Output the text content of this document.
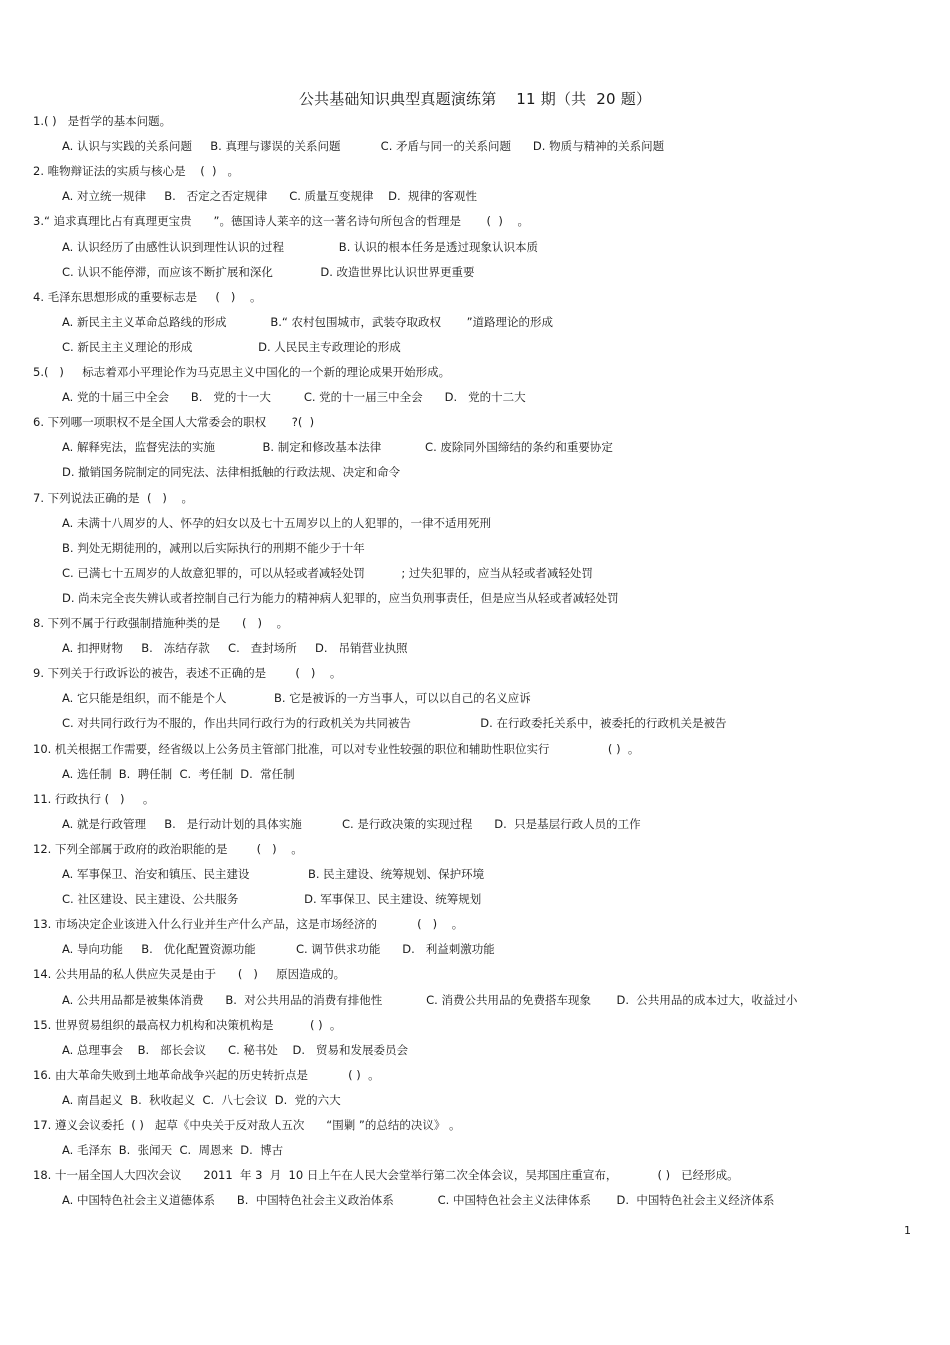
公共基础知识典型真题演练第    11 期（共  20 题）
1.( )   是哲学的基本问题。
A. 认识与实践的关系问题     B. 真理与谬误的关系问题           C. 矛盾与同一的关系问题      D. 物质与精神的关系问题
2. 唯物辩证法的实质与核心是    (  )   。
A. 对立统一规律     B.   否定之否定规律      C. 质量互变规律    D.  规律的客观性
3.“ 追求真理比占有真理更宝贵      ”。德国诗人莱辛的这一著名诗句所包含的哲理是       (  )    。
A. 认识经历了由感性认识到理性认识的过程               B. 认识的根本任务是透过现象认识本质
C. 认识不能停滞，而应该不断扩展和深化             D. 改造世界比认识世界更重要
4. 毛泽东思想形成的重要标志是     (   )    。
A. 新民主主义革命总路线的形成            B.“ 农村包围城市，武装夺取政权       ”道路理论的形成
C. 新民主主义理论的形成                  D. 人民民主专政理论的形成
5.(   )     标志着邓小平理论作为马克思主义中国化的一个新的理论成果开始形成。
A. 党的十届三中全会      B.   党的十一大         C. 党的十一届三中全会      D.   党的十二大
6. 下列哪一项职权不是全国人大常委会的职权       ?(  )
A. 解释宪法，监督宪法的实施             B. 制定和修改基本法律            C. 废除同外国缔结的条约和重要协定
D. 撤销国务院制定的同宪法、法律相抵触的行政法规、决定和命令
7. 下列说法正确的是  (   )    。
A. 未满十八周岁的人、怀孕的妇女以及七十五周岁以上的人犯罪的，一律不适用死刑
B. 判处无期徒刑的，减刑以后实际执行的刑期不能少于十年
C. 已满七十五周岁的人故意犯罪的，可以从轻或者减轻处罚          ; 过失犯罪的，应当从轻或者减轻处罚
D. 尚未完全丧失辨认或者控制自己行为能力的精神病人犯罪的，应当负刑事责任，但是应当从轻或者减轻处罚
8. 下列不属于行政强制措施种类的是      (   )    。
A. 扣押财物     B.   冻结存款     C.   查封场所     D.   吊销营业执照
9. 下列关于行政诉讼的被告，表述不正确的是        (   )    。
A. 它只能是组织，而不能是个人             B. 它是被诉的一方当事人，可以以自己的名义应诉
C. 对共同行政行为不服的，作出共同行政行为的行政机关为共同被告                   D. 在行政委托关系中，被委托的行政机关是被告
10. 机关根据工作需要，经省级以上公务员主管部门批准，可以对专业性较强的职位和辅助性职位实行                ( )  。
A. 选任制  B.  聘任制  C.  考任制  D.  常任制
11. 行政执行 (   )     。
A. 就是行政管理     B.   是行动计划的具体实施           C. 是行政决策的实现过程      D.  只是基层行政人员的工作
12. 下列全部属于政府的政治职能的是        (   )    。
A. 军事保卫、治安和镇压、民主建设                B. 民主建设、统筹规划、保护环境
C. 社区建设、民主建设、公共服务                  D. 军事保卫、民主建设、统筹规划
13. 市场决定企业该进入什么行业并生产什么产品，这是市场经济的           (   )    。
A. 导向功能     B.   优化配置资源功能           C. 调节供求功能      D.   利益刺激功能
14. 公共用品的私人供应失灵是由于      (   )     原因造成的。
A. 公共用品都是被集体消费      B.  对公共用品的消费有排他性            C. 消费公共用品的免费搭车现象       D.  公共用品的成本过大，收益过小
15. 世界贸易组织的最高权力机构和决策机构是          ( )  。
A. 总理事会    B.   部长会议      C. 秘书处    D.   贸易和发展委员会
16. 由大革命失败到土地革命战争兴起的历史转折点是           ( )  。
A. 南昌起义  B.  秋收起义  C.  八七会议  D.  党的六大
17. 遵义会议委托  ( )   起草《中央关于反对敌人五次      “围剿 ”的总结的决议》 。
A. 毛泽东  B.  张闻天  C.  周恩来  D.  博古
18. 十一届全国人大四次会议      2011  年 3  月  10 日上午在人民大会堂举行第二次全体会议，吴邦国庄重宣布，           ( )   已经形成。
A. 中国特色社会主义道德体系      B.  中国特色社会主义政治体系            C. 中国特色社会主义法律体系       D.  中国特色社会主义经济体系
1
